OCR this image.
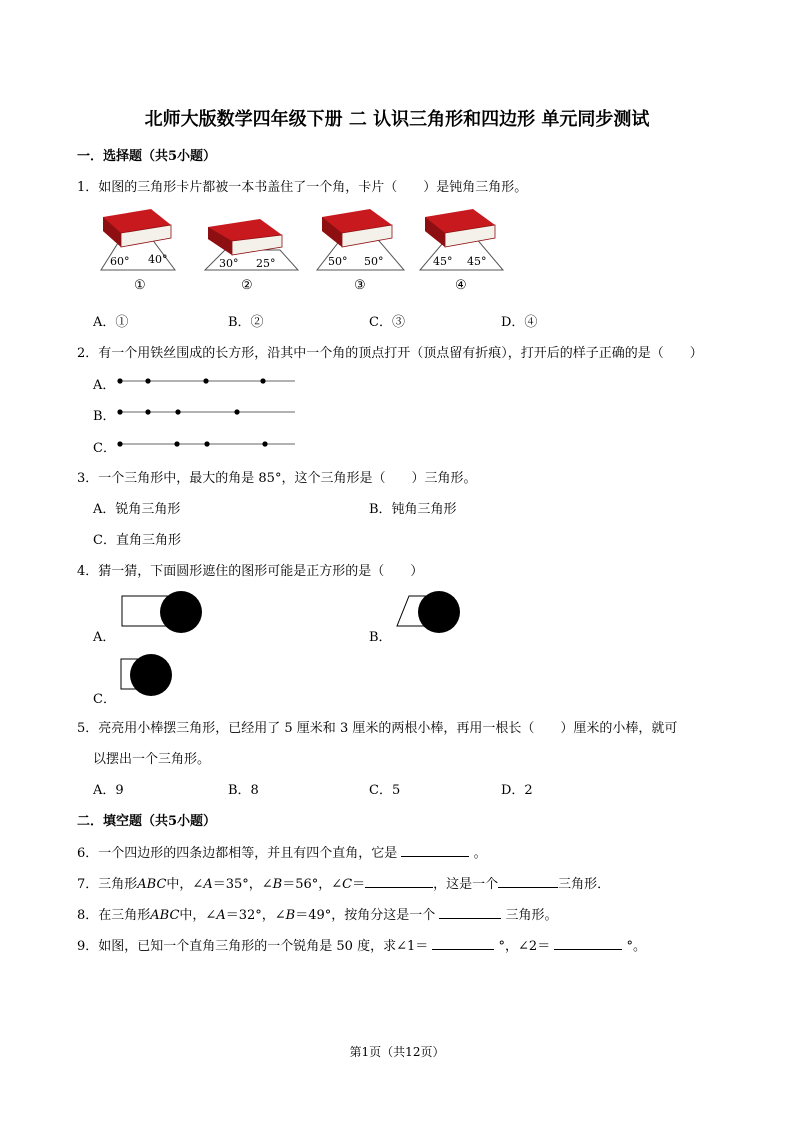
北师大版数学四年级下册 二 认识三角形和四边形 单元同步测试
一．选择题（共5小题）
1．如图的三角形卡片都被一本书盖住了一个角，卡片（　　）是钝角三角形。
60° 40°
①
30° 25°
②
50° 50°
③
45° 45°
④
A．①	B．②	C．③	D．④
2．有一个用铁丝围成的长方形，沿其中一个角的顶点打开（顶点留有折痕），打开后的样子正确的是（　　）
A．
B．
C．
3．一个三角形中，最大的角是 85°，这个三角形是（　　）三角形。
A．锐角三角形	B．钝角三角形
C．直角三角形
4．猜一猜，下面圆形遮住的图形可能是正方形的是（　　）
A．	B．
C．
5．亮亮用小棒摆三角形，已经用了 5 厘米和 3 厘米的两根小棒，再用一根长（　　）厘米的小棒，就可
以摆出一个三角形。
A．9	B．8	C．5	D．2
二．填空题（共5小题）
6．一个四边形的四条边都相等，并且有四个直角，它是	。
7．三角形ABC中，∠A＝35°，∠B＝56°，∠C＝	，这是一个	三角形．
8．在三角形ABC中，∠A＝32°，∠B＝49°，按角分这是一个	三角形。
9．如图，已知一个直角三角形的一个锐角是 50 度，求∠1＝	°，∠2＝	°。
第1页（共12页）
